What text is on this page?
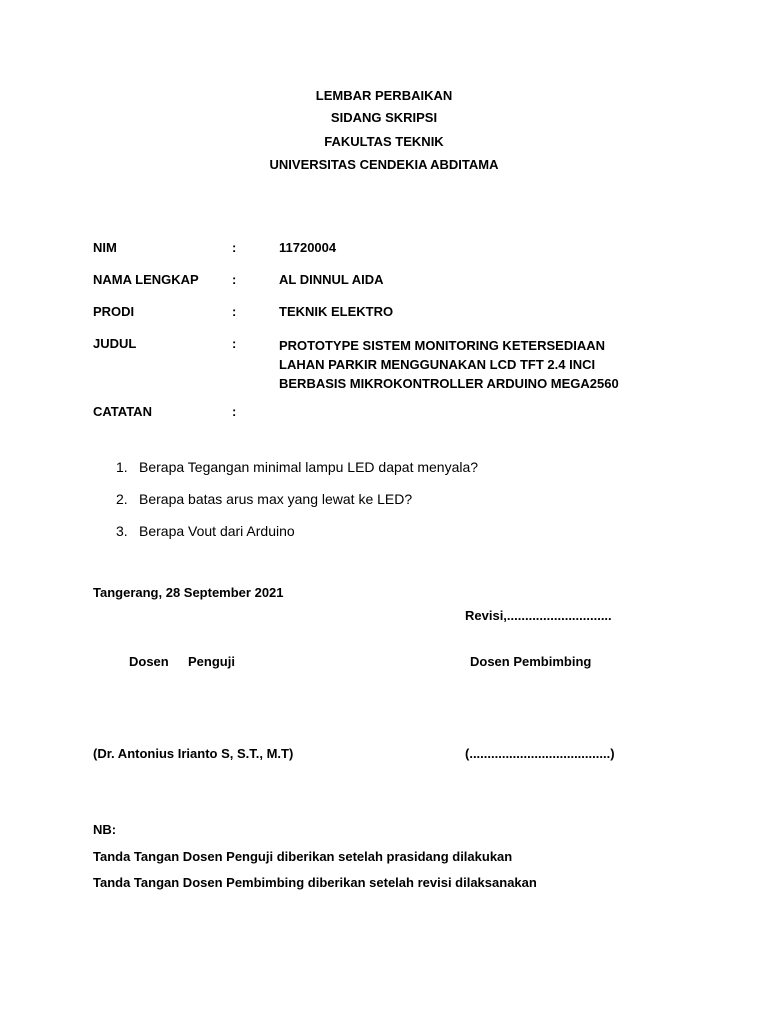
LEMBAR PERBAIKAN
SIDANG SKRIPSI
FAKULTAS TEKNIK
UNIVERSITAS CENDEKIA ABDITAMA
NIM	:	11720004
NAMA LENGKAP	:	AL DINNUL AIDA
PRODI	:	TEKNIK ELEKTRO
JUDUL	:	PROTOTYPE SISTEM MONITORING KETERSEDIAAN
LAHAN PARKIR MENGGUNAKAN LCD TFT 2.4 INCI
BERBASIS MIKROKONTROLLER ARDUINO MEGA2560
CATATAN	:
1. Berapa Tegangan minimal lampu LED dapat menyala?
2. Berapa batas arus max yang lewat ke LED?
3. Berapa Vout dari Arduino
Tangerang, 28 September 2021
Revisi,.............................
Dosen Penguji	Dosen Pembimbing
(Dr. Antonius Irianto S, S.T., M.T)	(.......................................)
NB:
Tanda Tangan Dosen Penguji diberikan setelah prasidang dilakukan
Tanda Tangan Dosen Pembimbing diberikan setelah revisi dilaksanakan
